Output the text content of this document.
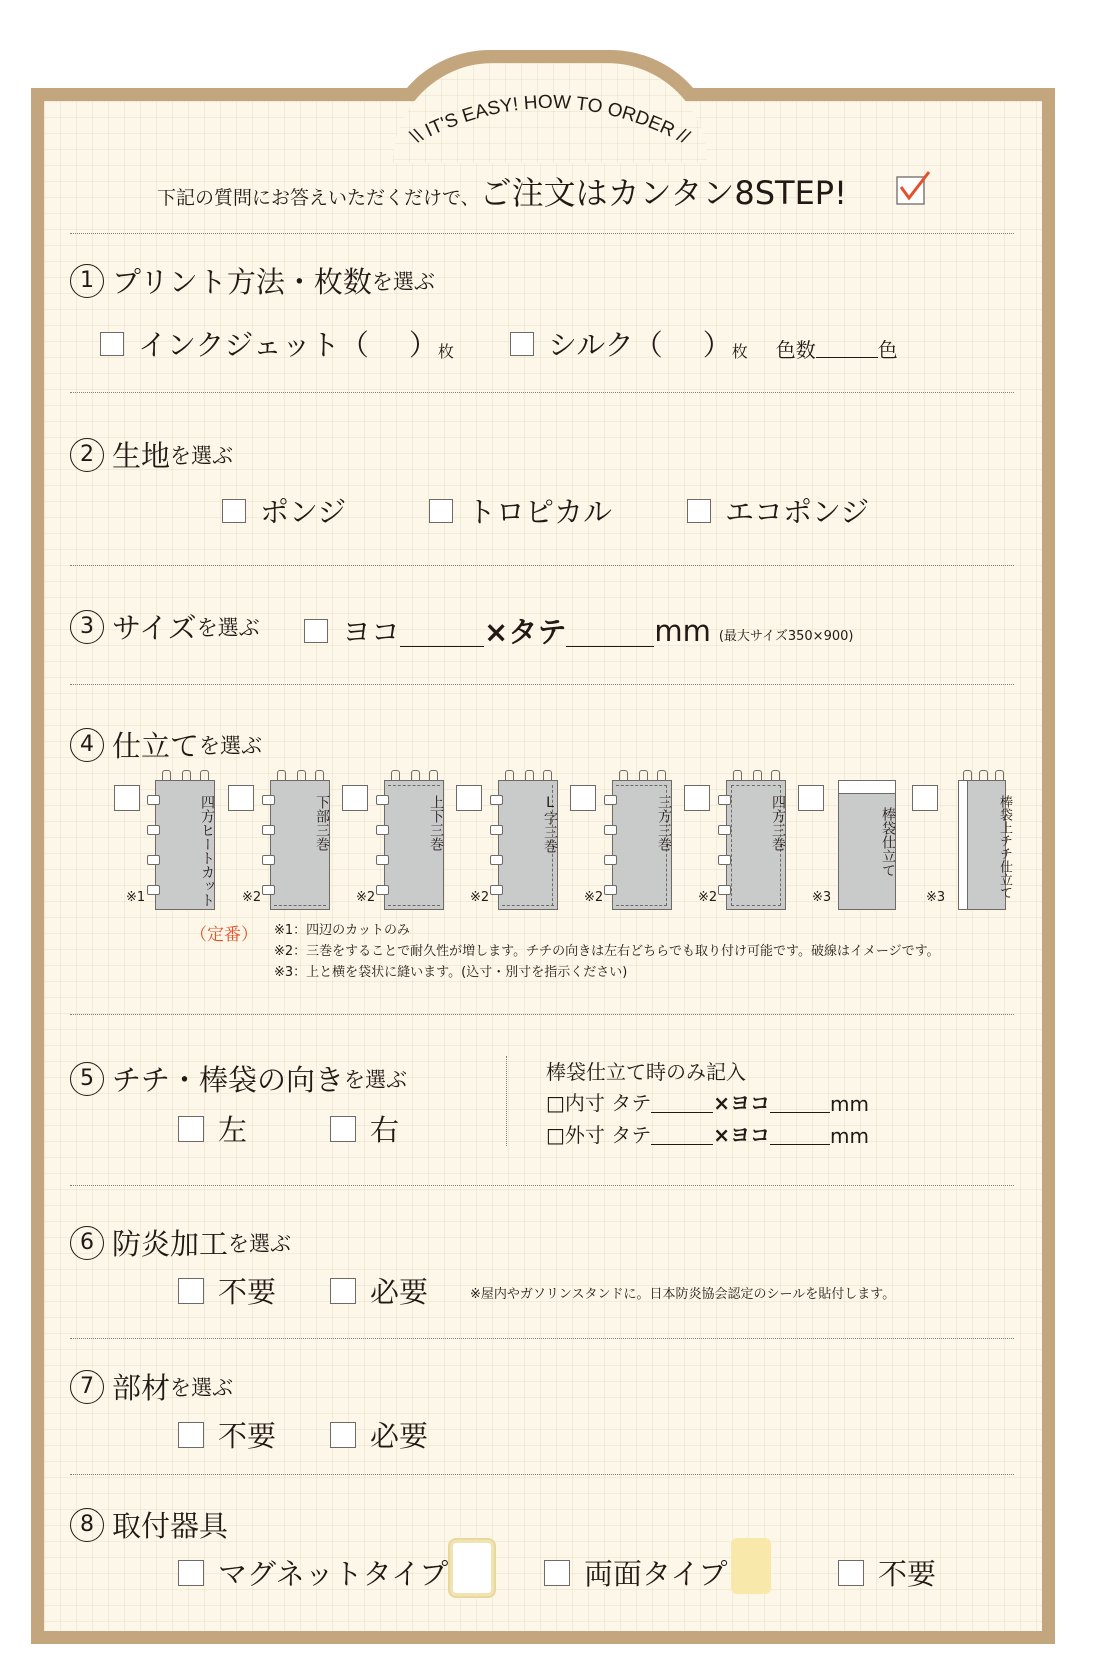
\\ IT'S EASY! HOW TO ORDER //
下記の質問にお答えいただくだけで、ご注文はカンタン8STEP!
1 プリント方法・枚数 を選ぶ
インクジェット（ ） 枚	シルク（ ） 枚 色数	色
2 生地 を選ぶ
ポンジ	トロピカル	エコポンジ
3 サイズ を選ぶ	ヨコ	×タテ	mm (最大サイズ350×900)
4 仕立て を選ぶ
四方ヒートカット
※1
下部三巻
※2
上下三巻
※2
L字三巻
※2
三方三巻
※2
四方三巻
※2
棒袋仕立て
※3	棒袋上チチ仕立て
※3
（定番） ※1：四辺のカットのみ
※2：三巻をすることで耐久性が増します。チチの向きは左右どちらでも取り付け可能です。破線はイメージです。
※3：上と横を袋状に縫います。(込寸・別寸を指示ください)
5 チチ・棒袋の向き を選ぶ
左	右
棒袋仕立て時のみ記入
□内寸 タテ	×ヨコ	mm
□外寸 タテ	×ヨコ	mm
6 防炎加工 を選ぶ
不要	必要	※屋内やガソリンスタンドに。日本防炎協会認定のシールを貼付します。
7 部材 を選ぶ
不要	必要
8 取付器具
マグネットタイプ	両面タイプ	不要
